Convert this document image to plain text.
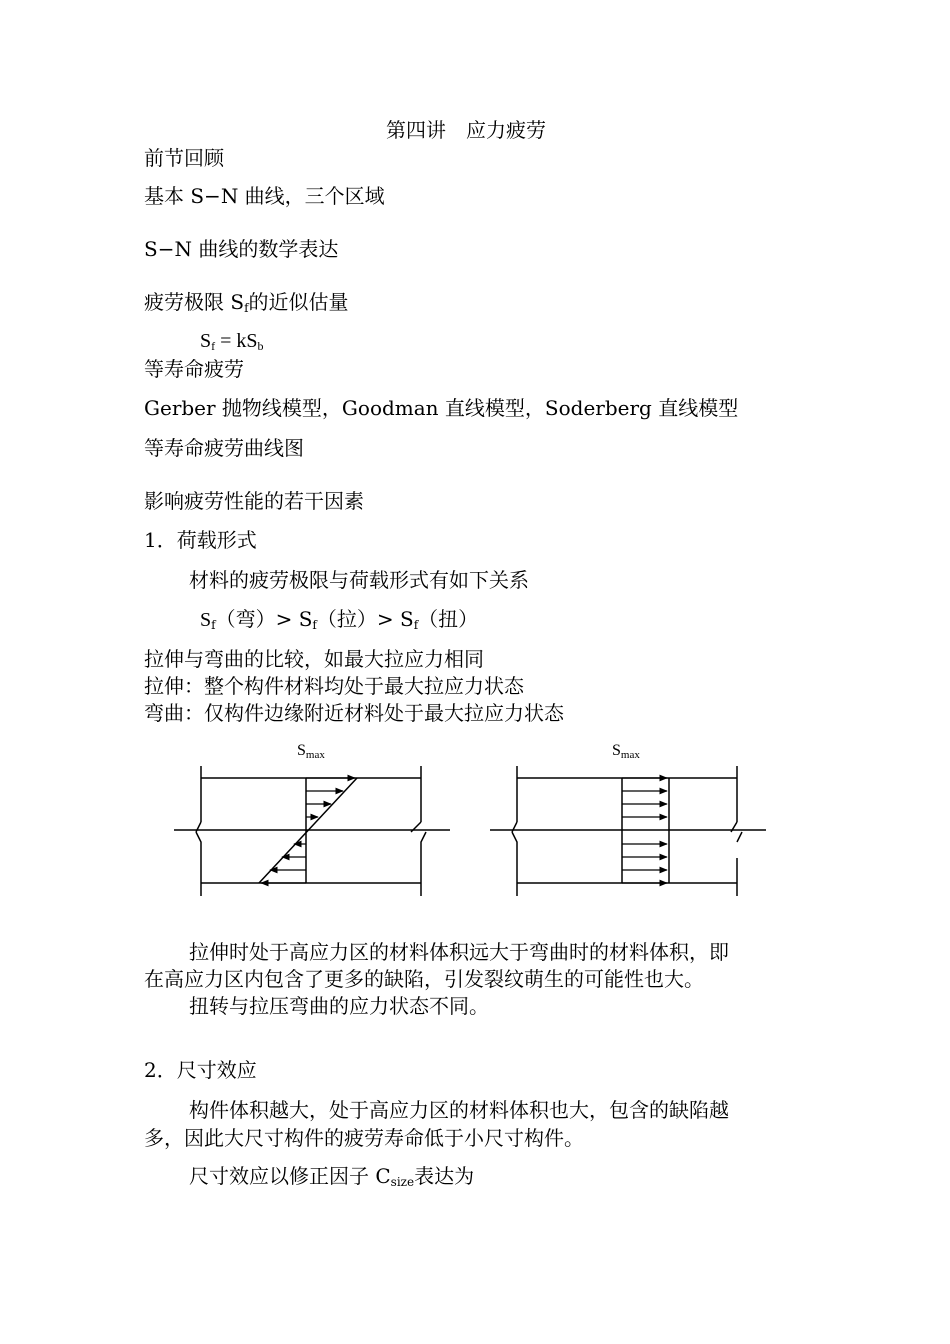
第四讲　应力疲劳
前节回顾
基本 S−N 曲线，三个区域
S−N 曲线的数学表达
疲劳极限 $S_f$的近似估量
$S_f = kS_b$
等寿命疲劳
Gerber 抛物线模型，Goodman 直线模型，Soderberg 直线模型
等寿命疲劳曲线图
影响疲劳性能的若干因素
1．荷载形式
材料的疲劳极限与荷载形式有如下关系
$S_f$（弯）> $S_f$（拉）> $S_f$（扭）
拉伸与弯曲的比较，如最大拉应力相同
拉伸：整个构件材料均处于最大拉应力状态
弯曲：仅构件边缘附近材料处于最大拉应力状态
$S_{max}$	$S_{max}$
拉伸时处于高应力区的材料体积远大于弯曲时的材料体积，即
在高应力区内包含了更多的缺陷，引发裂纹萌生的可能性也大。
扭转与拉压弯曲的应力状态不同。
2．尺寸效应
构件体积越大，处于高应力区的材料体积也大，包含的缺陷越
多，因此大尺寸构件的疲劳寿命低于小尺寸构件。
尺寸效应以修正因子 $C_{size}$表达为
